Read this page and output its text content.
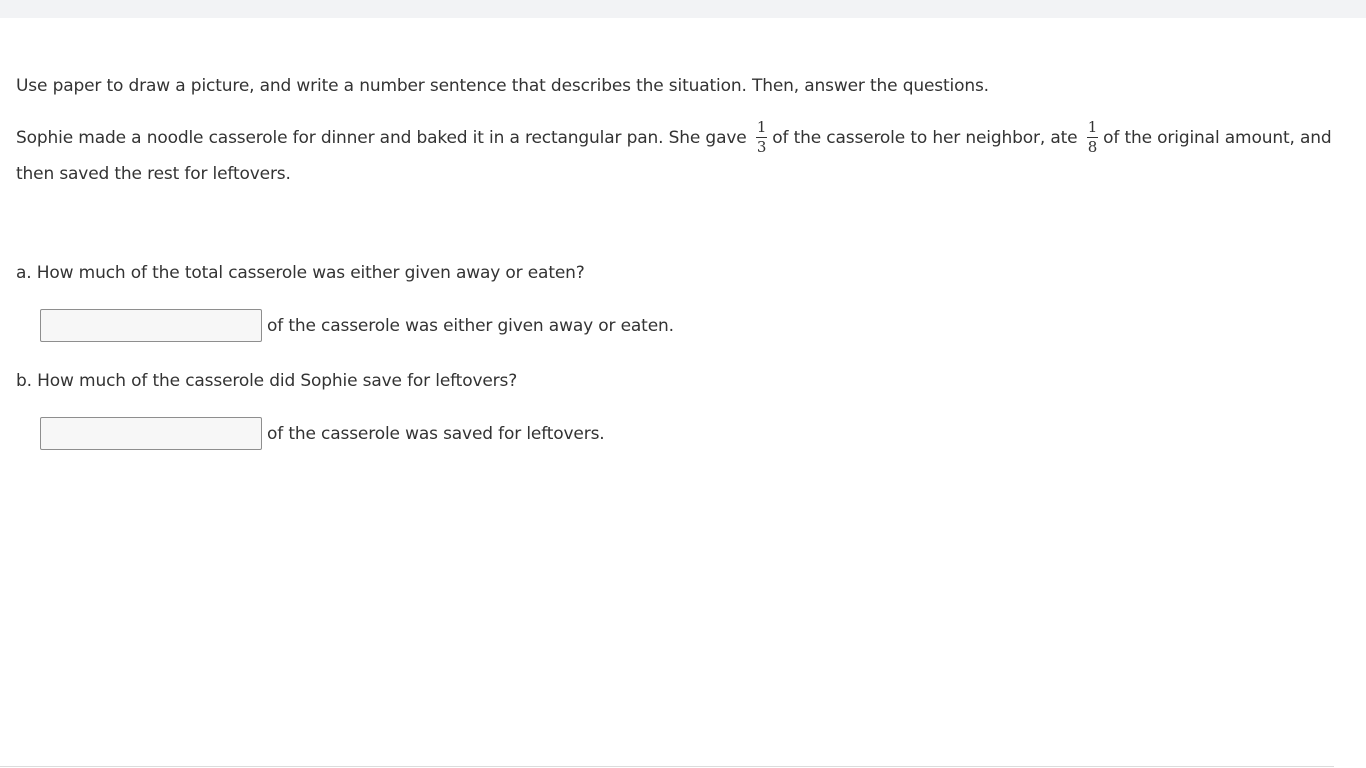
Use paper to draw a picture, and write a number sentence that describes the situation. Then, answer the questions.
Sophie made a noodle casserole for dinner and baked it in a rectangular pan. She gave $\frac{1}{3}$ of the casserole to her neighbor, ate $\frac{1}{8}$ of the original amount, and
then saved the rest for leftovers.
a. How much of the total casserole was either given away or eaten?
b. How much of the casserole did Sophie save for leftovers?
of the casserole was either given away or eaten.
of the casserole was saved for leftovers.
